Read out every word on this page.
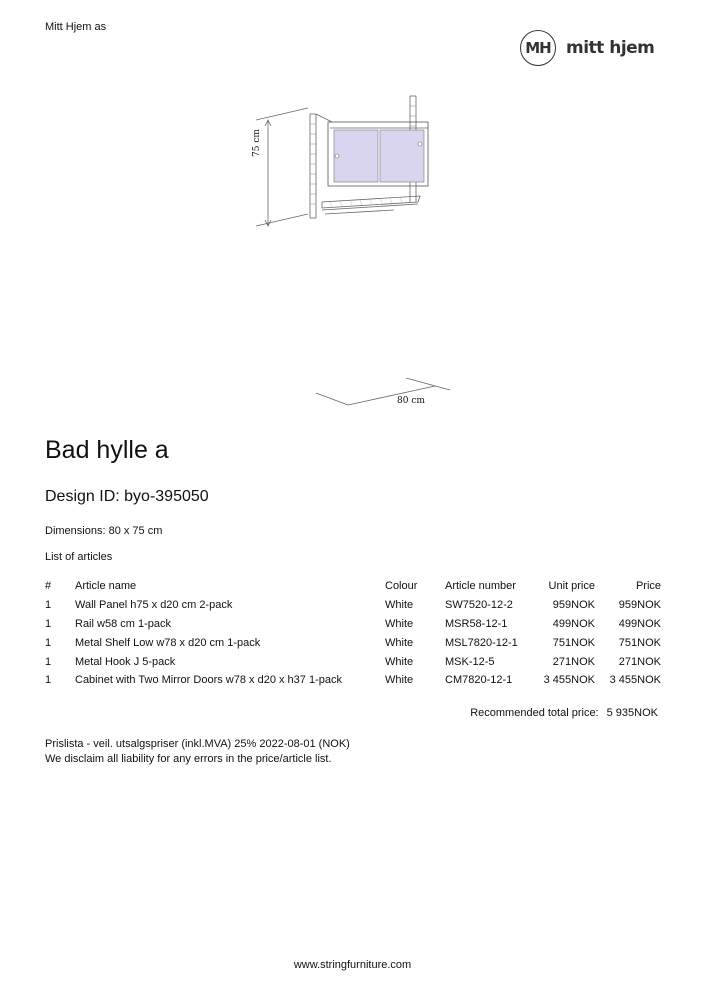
Mitt Hjem as
MH mitt hjem
75 cm
80 cm
Bad hylle a
Design ID: byo-395050
Dimensions: 80 x 75 cm
List of articles
#	Article name	Colour	Article number	Unit price	Price
1	Wall Panel h75 x d20 cm 2-pack	White	SW7520-12-2	959NOK	959NOK
1	Rail w58 cm 1-pack	White	MSR58-12-1	499NOK	499NOK
1	Metal Shelf Low w78 x d20 cm 1-pack	White	MSL7820-12-1	751NOK	751NOK
1	Metal Hook J 5-pack	White	MSK-12-5	271NOK	271NOK
1	Cabinet with Two Mirror Doors w78 x d20 x h37 1-pack	White	CM7820-12-1	3 455NOK	3 455NOK
Recommended total price: 5 935NOK
Prislista - veil. utsalgspriser (inkl.MVA) 25% 2022-08-01 (NOK)
We disclaim all liability for any errors in the price/article list.
www.stringfurniture.com
